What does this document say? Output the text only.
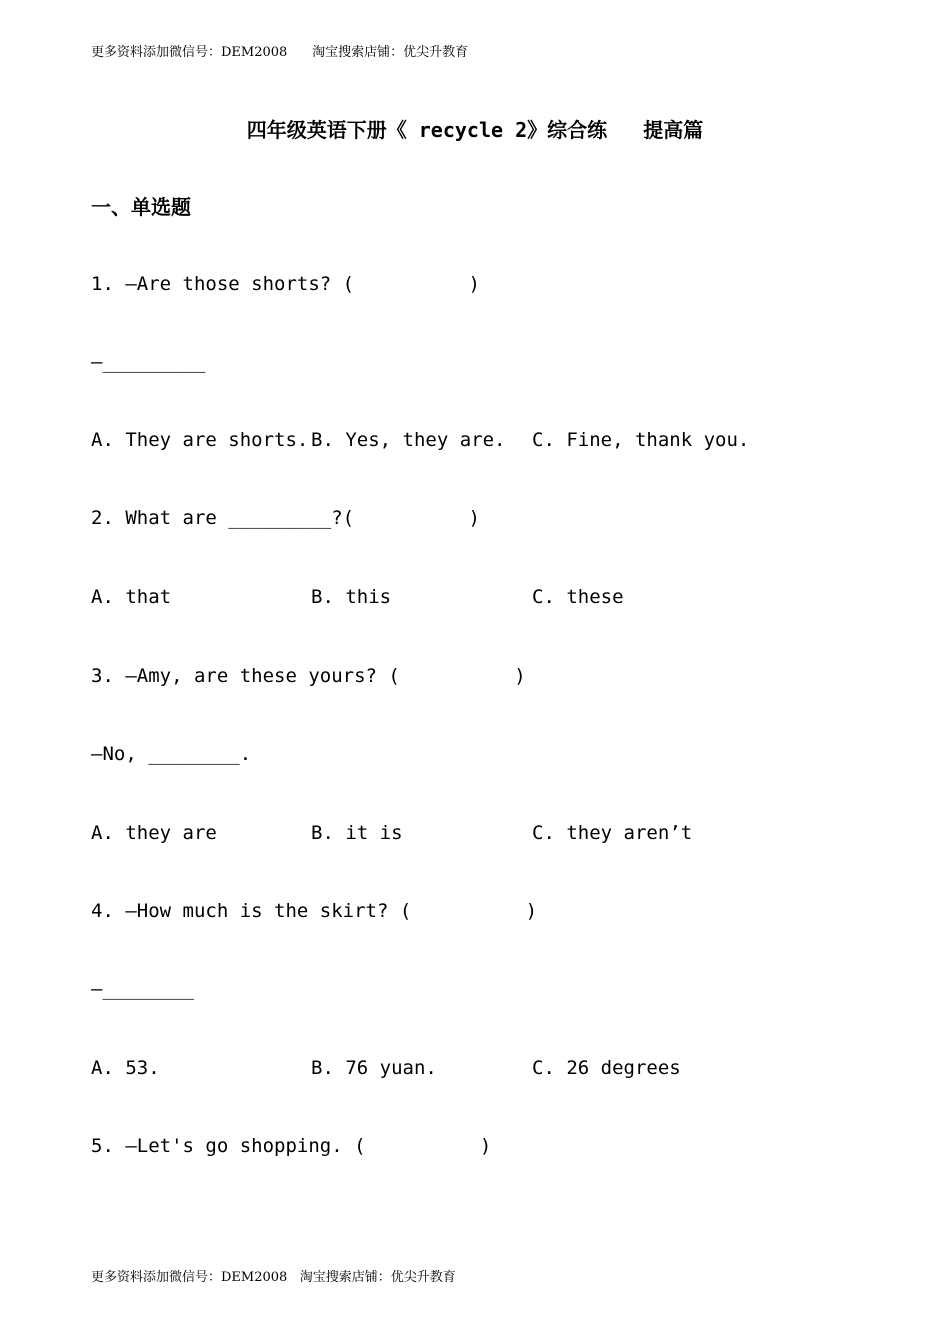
更多资料添加微信号：DEM2008      淘宝搜索店铺：优尖升教育
四年级英语下册《 recycle 2》综合练   提高篇
一、单选题
1. —Are those shorts? (          )
—_________
A. They are shorts. B. Yes, they are. C. Fine, thank you.
2. What are _________?(          )
A. that	B. this	C. these
3. —Amy, are these yours? (          )
—No, ________.
A. they are	B. it is	C. they aren’t
4. —How much is the skirt? (          )
—________
A. 53.	B. 76 yuan.	C. 26 degrees
5. —Let's go shopping. (          )
更多资料添加微信号：DEM2008   淘宝搜索店铺：优尖升教育
